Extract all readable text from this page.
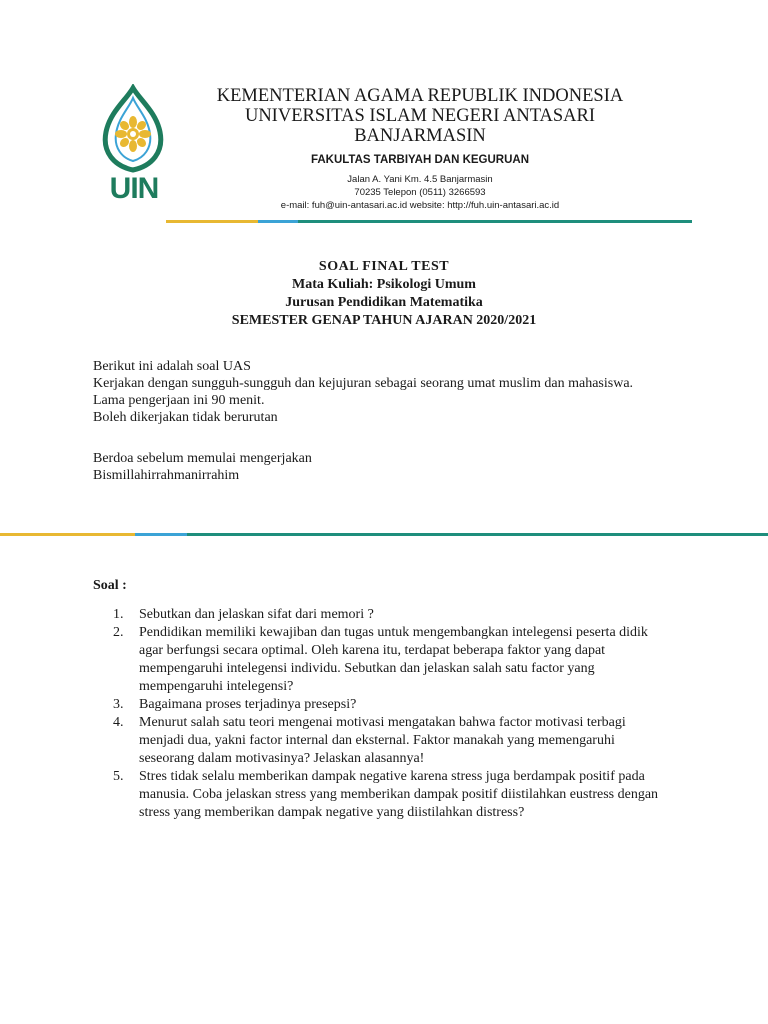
UIN
KEMENTERIAN AGAMA REPUBLIK INDONESIA
UNIVERSITAS ISLAM NEGERI ANTASARI
BANJARMASIN
FAKULTAS TARBIYAH DAN KEGURUAN
Jalan A. Yani Km. 4.5 Banjarmasin
70235 Telepon (0511) 3266593
e-mail: fuh@uin-antasari.ac.id website: http://fuh.uin-antasari.ac.id
SOAL FINAL TEST
Mata Kuliah: Psikologi Umum
Jurusan Pendidikan Matematika
SEMESTER GENAP TAHUN AJARAN 2020/2021
Berikut ini adalah soal UAS
Kerjakan dengan sungguh-sungguh dan kejujuran sebagai seorang umat muslim dan mahasiswa.
Lama pengerjaan ini 90 menit.
Boleh dikerjakan tidak berurutan
Berdoa sebelum memulai mengerjakan
Bismillahirrahmanirrahim
Soal :
1.	Sebutkan dan jelaskan sifat dari memori ?
2.	Pendidikan memiliki kewajiban dan tugas untuk mengembangkan intelegensi peserta didik agar berfungsi secara optimal. Oleh karena itu, terdapat beberapa faktor yang dapat mempengaruhi intelegensi individu. Sebutkan dan jelaskan salah satu factor yang mempengaruhi intelegensi?
3.	Bagaimana proses terjadinya presepsi?
4.	Menurut salah satu teori mengenai motivasi mengatakan bahwa factor motivasi terbagi menjadi dua, yakni factor internal dan eksternal. Faktor manakah yang memengaruhi seseorang dalam motivasinya? Jelaskan alasannya!
5.	Stres tidak selalu memberikan dampak negative karena stress juga berdampak positif pada manusia. Coba jelaskan stress yang memberikan dampak positif diistilahkan eustress dengan stress yang memberikan dampak negative yang diistilahkan distress?
